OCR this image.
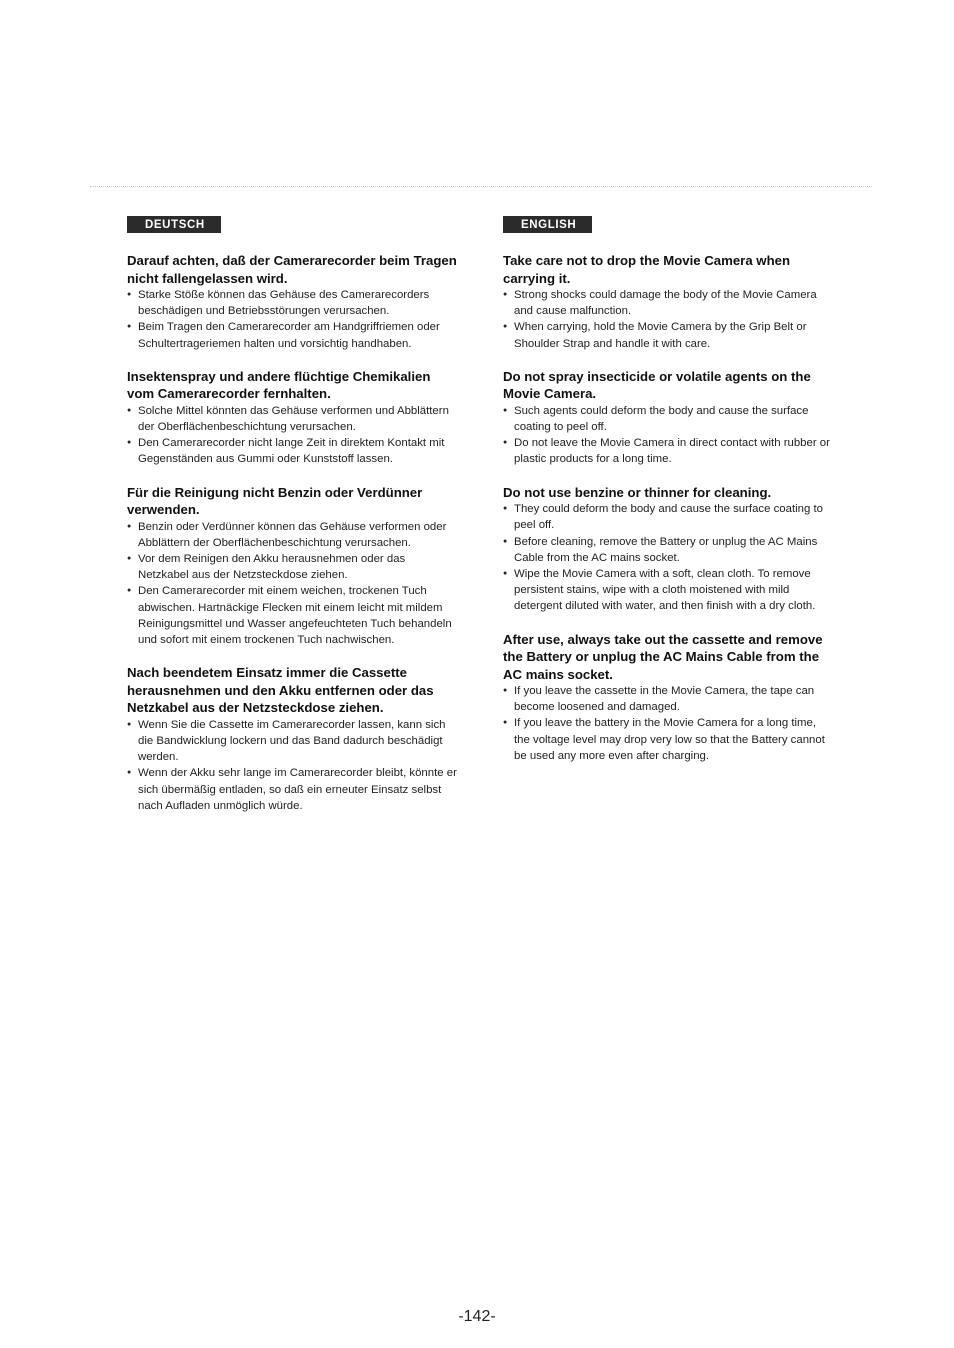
DEUTSCH
Darauf achten, daß der Camerarecorder beim Tragen nicht fallengelassen wird.
● Starke Stöße können das Gehäuse des Camerarecorders beschädigen und Betriebsstörungen verursachen.
● Beim Tragen den Camerarecorder am Handgriffriemen oder Schultertrageriemen halten und vorsichtig handhaben.
Insektenspray und andere flüchtige Chemikalien vom Camerarecorder fernhalten.
● Solche Mittel könnten das Gehäuse verformen und Abblättern der Oberflächenbeschichtung verursachen.
● Den Camerarecorder nicht lange Zeit in direktem Kontakt mit Gegenständen aus Gummi oder Kunststoff lassen.
Für die Reinigung nicht Benzin oder Verdünner verwenden.
● Benzin oder Verdünner können das Gehäuse verformen oder Abblättern der Oberflächenbeschichtung verursachen.
● Vor dem Reinigen den Akku herausnehmen oder das Netzkabel aus der Netzsteckdose ziehen.
● Den Camerarecorder mit einem weichen, trockenen Tuch abwischen. Hartnäckige Flecken mit einem leicht mit mildem Reinigungsmittel und Wasser angefeuchteten Tuch behandeln und sofort mit einem trockenen Tuch nachwischen.
Nach beendetem Einsatz immer die Cassette herausnehmen und den Akku entfernen oder das Netzkabel aus der Netzsteckdose ziehen.
● Wenn Sie die Cassette im Camerarecorder lassen, kann sich die Bandwicklung lockern und das Band dadurch beschädigt werden.
● Wenn der Akku sehr lange im Camerarecorder bleibt, könnte er sich übermäßig entladen, so daß ein erneuter Einsatz selbst nach Aufladen unmöglich würde.
ENGLISH
Take care not to drop the Movie Camera when carrying it.
● Strong shocks could damage the body of the Movie Camera and cause malfunction.
● When carrying, hold the Movie Camera by the Grip Belt or Shoulder Strap and handle it with care.
Do not spray insecticide or volatile agents on the Movie Camera.
● Such agents could deform the body and cause the surface coating to peel off.
● Do not leave the Movie Camera in direct contact with rubber or plastic products for a long time.
Do not use benzine or thinner for cleaning.
● They could deform the body and cause the surface coating to peel off.
● Before cleaning, remove the Battery or unplug the AC Mains Cable from the AC mains socket.
● Wipe the Movie Camera with a soft, clean cloth. To remove persistent stains, wipe with a cloth moistened with mild detergent diluted with water, and then finish with a dry cloth.
After use, always take out the cassette and remove the Battery or unplug the AC Mains Cable from the AC mains socket.
● If you leave the cassette in the Movie Camera, the tape can become loosened and damaged.
● If you leave the battery in the Movie Camera for a long time, the voltage level may drop very low so that the Battery cannot be used any more even after charging.
-142-
